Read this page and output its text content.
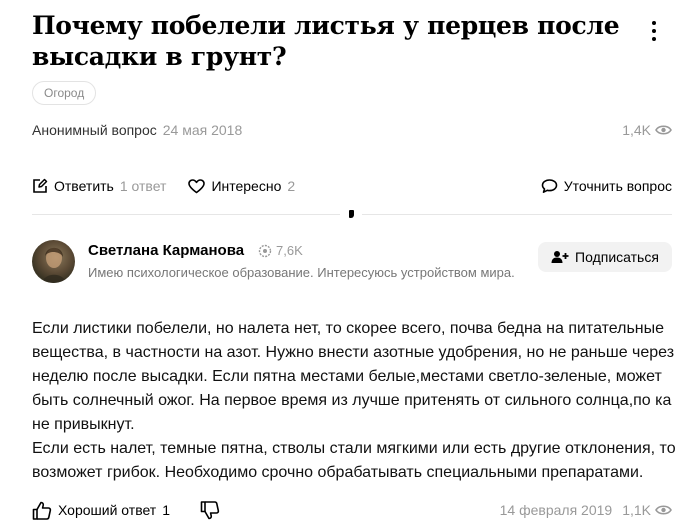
Почему побелели листья у перцев после высадки в грунт?
Огород
Анонимный вопрос 24 мая 2018	1,4K
Ответить 1 ответ	Интересно 2	Уточнить вопрос
Светлана Карманова 7,6K
Имею психологическое образование. Интересуюсь устройством мира.
Подписаться

Если листики побелели, но налета нет, то скорее всего, почва бедна на питательные вещества, в частности на азот. Нужно внести азотные удобрения, но не раньше через неделю после высадки. Если пятна местами белые,местами светло-зеленые, может быть солнечный ожог. На первое время из лучше притенять от сильного солнца,по ка не привыкнут.

Если есть налет, темные пятна, стволы стали мягкими или есть другие отклонения, то возможет грибок. Необходимо срочно обрабатывать специальными препаратами.

Хороший ответ 1	14 февраля 2019 1,1K
